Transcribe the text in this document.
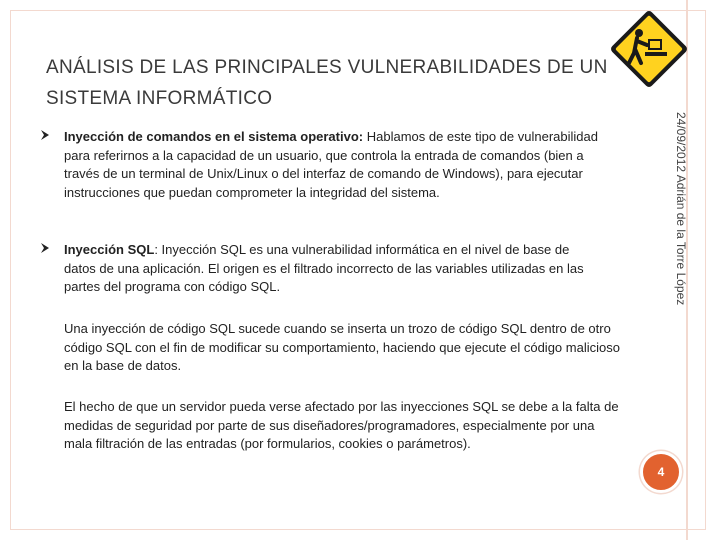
ANÁLISIS DE LAS PRINCIPALES VULNERABILIDADES DE UN
SISTEMA INFORMÁTICO
24/09/2012 Adrián de la Torre López
Inyección de comandos en el sistema operativo: Hablamos de este tipo de vulnerabilidad para referirnos a la capacidad de un usuario, que controla la entrada de comandos (bien a través de un terminal de Unix/Linux o del interfaz de comando de Windows), para ejecutar instrucciones que puedan comprometer la integridad del sistema.
Inyección SQL: Inyección SQL es una vulnerabilidad informática en el nivel de base de datos de una aplicación. El origen es el filtrado incorrecto de las variables utilizadas en las partes del programa con código SQL.
Una inyección de código SQL sucede cuando se inserta un trozo de código SQL dentro de otro código SQL con el fin de modificar su comportamiento, haciendo que ejecute el código malicioso en la base de datos.
El hecho de que un servidor pueda verse afectado por las inyecciones SQL se debe a la falta de medidas de seguridad por parte de sus diseñadores/programadores, especialmente por una mala filtración de las entradas (por formularios, cookies o parámetros).
4
